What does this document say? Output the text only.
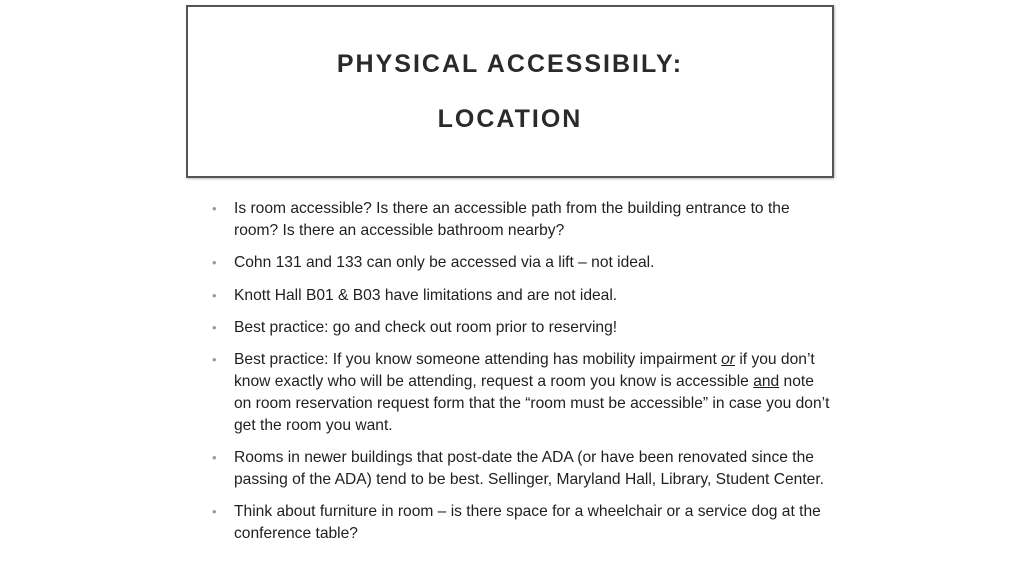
PHYSICAL ACCESSIBILY:
LOCATION
• Is room accessible? Is there an accessible path from the building entrance to the room? Is there an accessible bathroom nearby?
• Cohn 131 and 133 can only be accessed via a lift – not ideal.
• Knott Hall B01 & B03 have limitations and are not ideal.
• Best practice: go and check out room prior to reserving!
• Best practice: If you know someone attending has mobility impairment or if you don’t know exactly who will be attending, request a room you know is accessible and note on room reservation request form that the “room must be accessible” in case you don’t get the room you want.
• Rooms in newer buildings that post-date the ADA (or have been renovated since the passing of the ADA) tend to be best. Sellinger, Maryland Hall, Library, Student Center.
• Think about furniture in room – is there space for a wheelchair or a service dog at the conference table?
